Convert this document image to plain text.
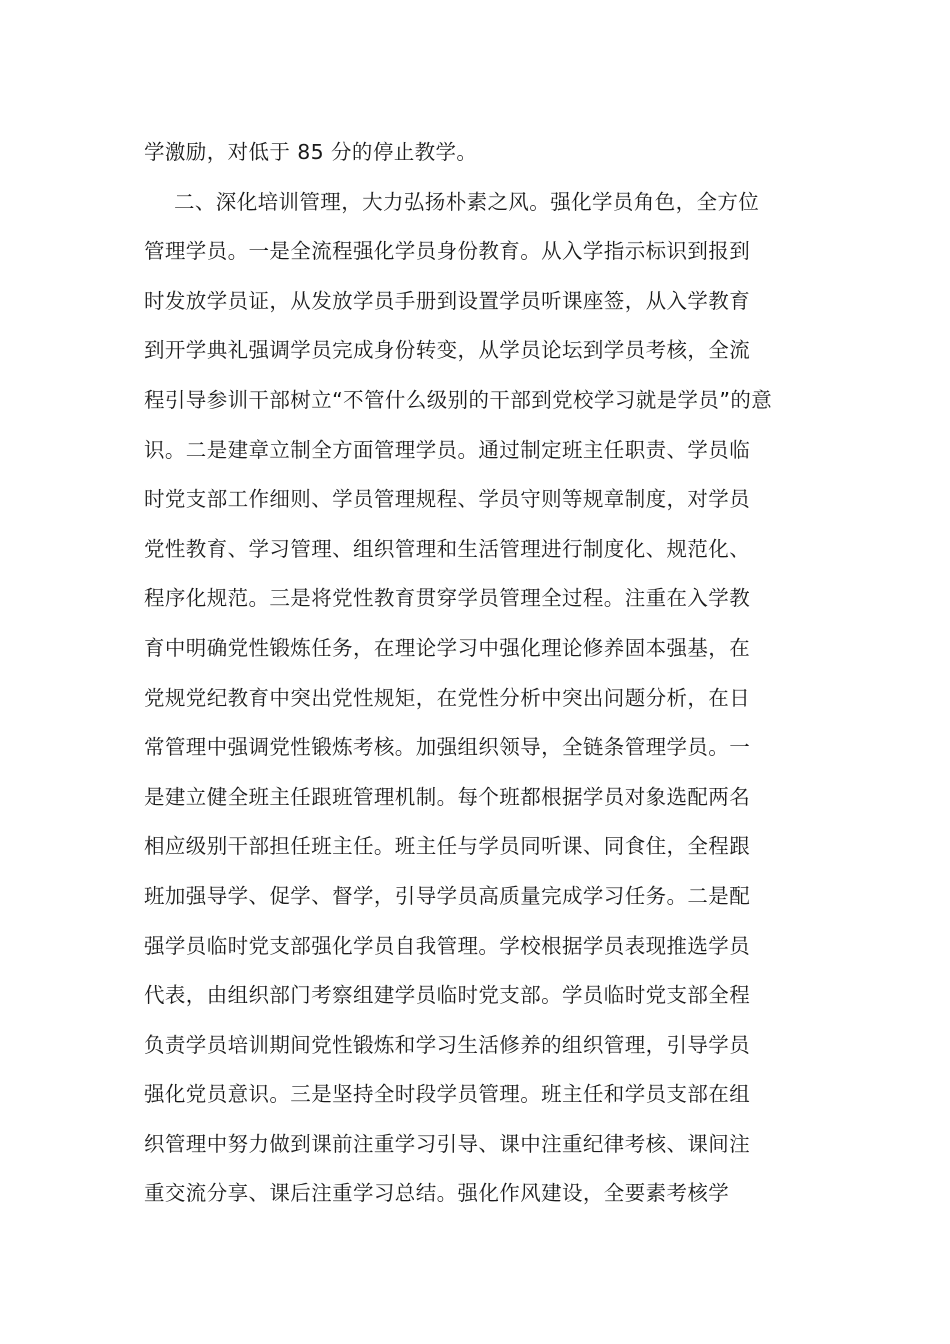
学激励，对低于 85 分的停止教学。
二、深化培训管理，大力弘扬朴素之风。强化学员角色，全方位
管理学员。一是全流程强化学员身份教育。从入学指示标识到报到
时发放学员证，从发放学员手册到设置学员听课座签，从入学教育
到开学典礼强调学员完成身份转变，从学员论坛到学员考核，全流
程引导参训干部树立“不管什么级别的干部到党校学习就是学员”的意
识。二是建章立制全方面管理学员。通过制定班主任职责、学员临
时党支部工作细则、学员管理规程、学员守则等规章制度，对学员
党性教育、学习管理、组织管理和生活管理进行制度化、规范化、
程序化规范。三是将党性教育贯穿学员管理全过程。注重在入学教
育中明确党性锻炼任务，在理论学习中强化理论修养固本强基，在
党规党纪教育中突出党性规矩，在党性分析中突出问题分析，在日
常管理中强调党性锻炼考核。加强组织领导，全链条管理学员。一
是建立健全班主任跟班管理机制。每个班都根据学员对象选配两名
相应级别干部担任班主任。班主任与学员同听课、同食住，全程跟
班加强导学、促学、督学，引导学员高质量完成学习任务。二是配
强学员临时党支部强化学员自我管理。学校根据学员表现推选学员
代表，由组织部门考察组建学员临时党支部。学员临时党支部全程
负责学员培训期间党性锻炼和学习生活修养的组织管理，引导学员
强化党员意识。三是坚持全时段学员管理。班主任和学员支部在组
织管理中努力做到课前注重学习引导、课中注重纪律考核、课间注
重交流分享、课后注重学习总结。强化作风建设，全要素考核学
